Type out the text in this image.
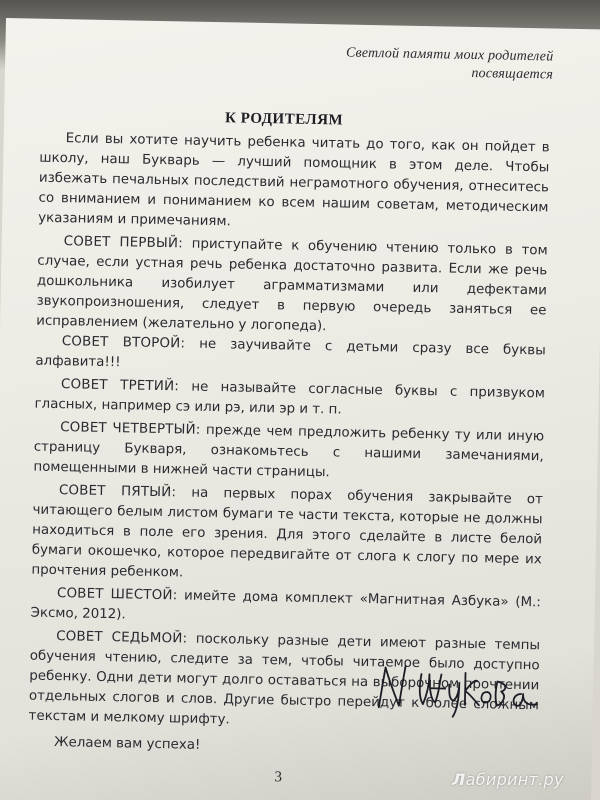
Светлой памяти моих родителей
посвящается
К РОДИТЕЛЯМ

Если вы хотите научить ребенка читать до того, как он пойдет в школу, наш Букварь — лучший помощник в этом деле. Чтобы избежать печальных последствий неграмотного обучения, отнеситесь со вниманием и пониманием ко всем нашим советам, методическим указаниям и примечаниям.

СОВЕТ ПЕРВЫЙ: приступайте к обучению чтению только в том случае, если устная речь ребенка достаточно развита. Если же речь дошкольника изобилует аграмматизмами или дефектами звукопроизношения, следует в первую очередь заняться ее исправлением (желательно у логопеда).

СОВЕТ ВТОРОЙ: не заучивайте с детьми сразу все буквы алфавита!!!

СОВЕТ ТРЕТИЙ: не называйте согласные буквы с призвуком гласных, например сэ или рэ, или эр и т. п.

СОВЕТ ЧЕТВЕРТЫЙ: прежде чем предложить ребенку ту или иную страницу Букваря, ознакомьтесь с нашими замечаниями, помещенными в нижней части страницы.

СОВЕТ ПЯТЫЙ: на первых порах обучения закрывайте от читающего белым листом бумаги те части текста, которые не должны находиться в поле его зрения. Для этого сделайте в листе белой бумаги окошечко, которое передвигайте от слога к слогу по мере их прочтения ребенком.

СОВЕТ ШЕСТОЙ: имейте дома комплект «Магнитная Азбука» (М.: Эксмо, 2012).

СОВЕТ СЕДЬМОЙ: поскольку разные дети имеют разные темпы обучения чтению, следите за тем, чтобы читаемое было доступно ребенку. Одни дети могут долго оставаться на выборочном прочтении отдельных слогов и слов. Другие быстро перейдут к более сложным текстам и мелкому шрифту.

Желаем вам успеха!

3	Лабиринт.ру
